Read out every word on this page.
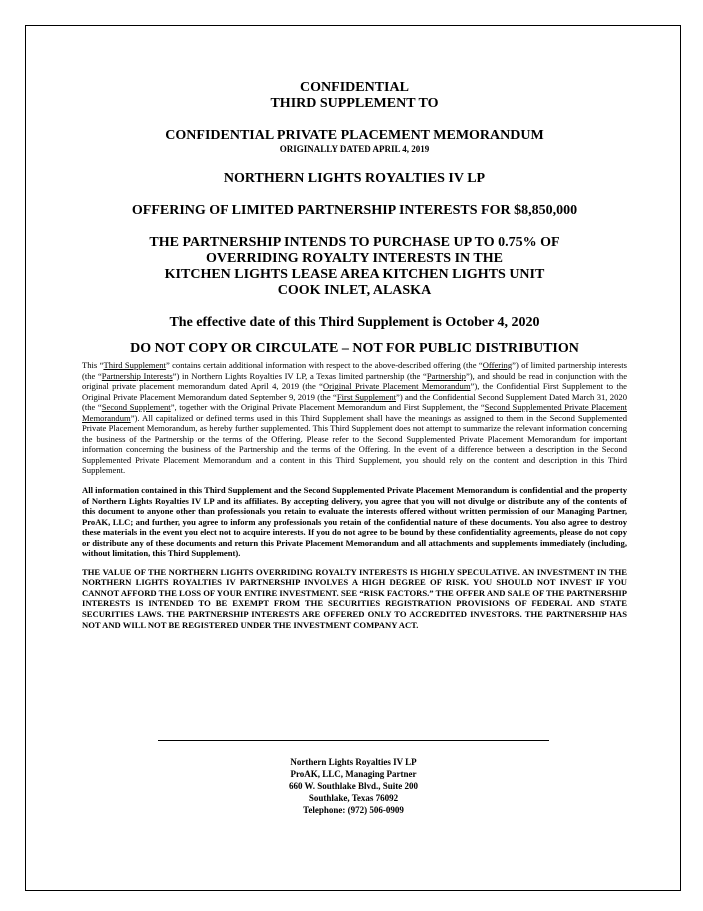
CONFIDENTIAL
THIRD SUPPLEMENT TO
CONFIDENTIAL PRIVATE PLACEMENT MEMORANDUM
ORIGINALLY DATED APRIL 4, 2019
NORTHERN LIGHTS ROYALTIES IV LP
OFFERING OF LIMITED PARTNERSHIP INTERESTS FOR $8,850,000
THE PARTNERSHIP INTENDS TO PURCHASE UP TO 0.75% OF
OVERRIDING ROYALTY INTERESTS IN THE
KITCHEN LIGHTS LEASE AREA KITCHEN LIGHTS UNIT
COOK INLET, ALASKA
The effective date of this Third Supplement is October 4, 2020
DO NOT COPY OR CIRCULATE – NOT FOR PUBLIC DISTRIBUTION

This “Third Supplement” contains certain additional information with respect to the above-described offering (the “Offering”) of limited partnership interests (the “Partnership Interests”) in Northern Lights Royalties IV LP, a Texas limited partnership (the “Partnership”), and should be read in conjunction with the original private placement memorandum dated April 4, 2019 (the “Original Private Placement Memorandum”), the Confidential First Supplement to the Original Private Placement Memorandum dated September 9, 2019 (the “First Supplement”) and the Confidential Second Supplement Dated March 31, 2020 (the “Second Supplement”, together with the Original Private Placement Memorandum and First Supplement, the “Second Supplemented Private Placement Memorandum”). All capitalized or defined terms used in this Third Supplement shall have the meanings as assigned to them in the Second Supplemented Private Placement Memorandum, as hereby further supplemented. This Third Supplement does not attempt to summarize the relevant information concerning the business of the Partnership or the terms of the Offering. Please refer to the Second Supplemented Private Placement Memorandum for important information concerning the business of the Partnership and the terms of the Offering. In the event of a difference between a description in the Second Supplemented Private Placement Memorandum and a content in this Third Supplement, you should rely on the content and description in this Third Supplement.

All information contained in this Third Supplement and the Second Supplemented Private Placement Memorandum is confidential and the property of Northern Lights Royalties IV LP and its affiliates. By accepting delivery, you agree that you will not divulge or distribute any of the contents of this document to anyone other than professionals you retain to evaluate the interests offered without written permission of our Managing Partner, ProAK, LLC; and further, you agree to inform any professionals you retain of the confidential nature of these documents. You also agree to destroy these materials in the event you elect not to acquire interests. If you do not agree to be bound by these confidentiality agreements, please do not copy or distribute any of these documents and return this Private Placement Memorandum and all attachments and supplements immediately (including, without limitation, this Third Supplement).

THE VALUE OF THE NORTHERN LIGHTS OVERRIDING ROYALTY INTERESTS IS HIGHLY SPECULATIVE. AN INVESTMENT IN THE NORTHERN LIGHTS ROYALTIES IV PARTNERSHIP INVOLVES A HIGH DEGREE OF RISK. YOU SHOULD NOT INVEST IF YOU CANNOT AFFORD THE LOSS OF YOUR ENTIRE INVESTMENT. SEE “RISK FACTORS.” THE OFFER AND SALE OF THE PARTNERSHIP INTERESTS IS INTENDED TO BE EXEMPT FROM THE SECURITIES REGISTRATION PROVISIONS OF FEDERAL AND STATE SECURITIES LAWS. THE PARTNERSHIP INTERESTS ARE OFFERED ONLY TO ACCREDITED INVESTORS. THE PARTNERSHIP HAS NOT AND WILL NOT BE REGISTERED UNDER THE INVESTMENT COMPANY ACT.

Northern Lights Royalties IV LP
ProAK, LLC, Managing Partner
660 W. Southlake Blvd., Suite 200
Southlake, Texas 76092
Telephone: (972) 506-0909
